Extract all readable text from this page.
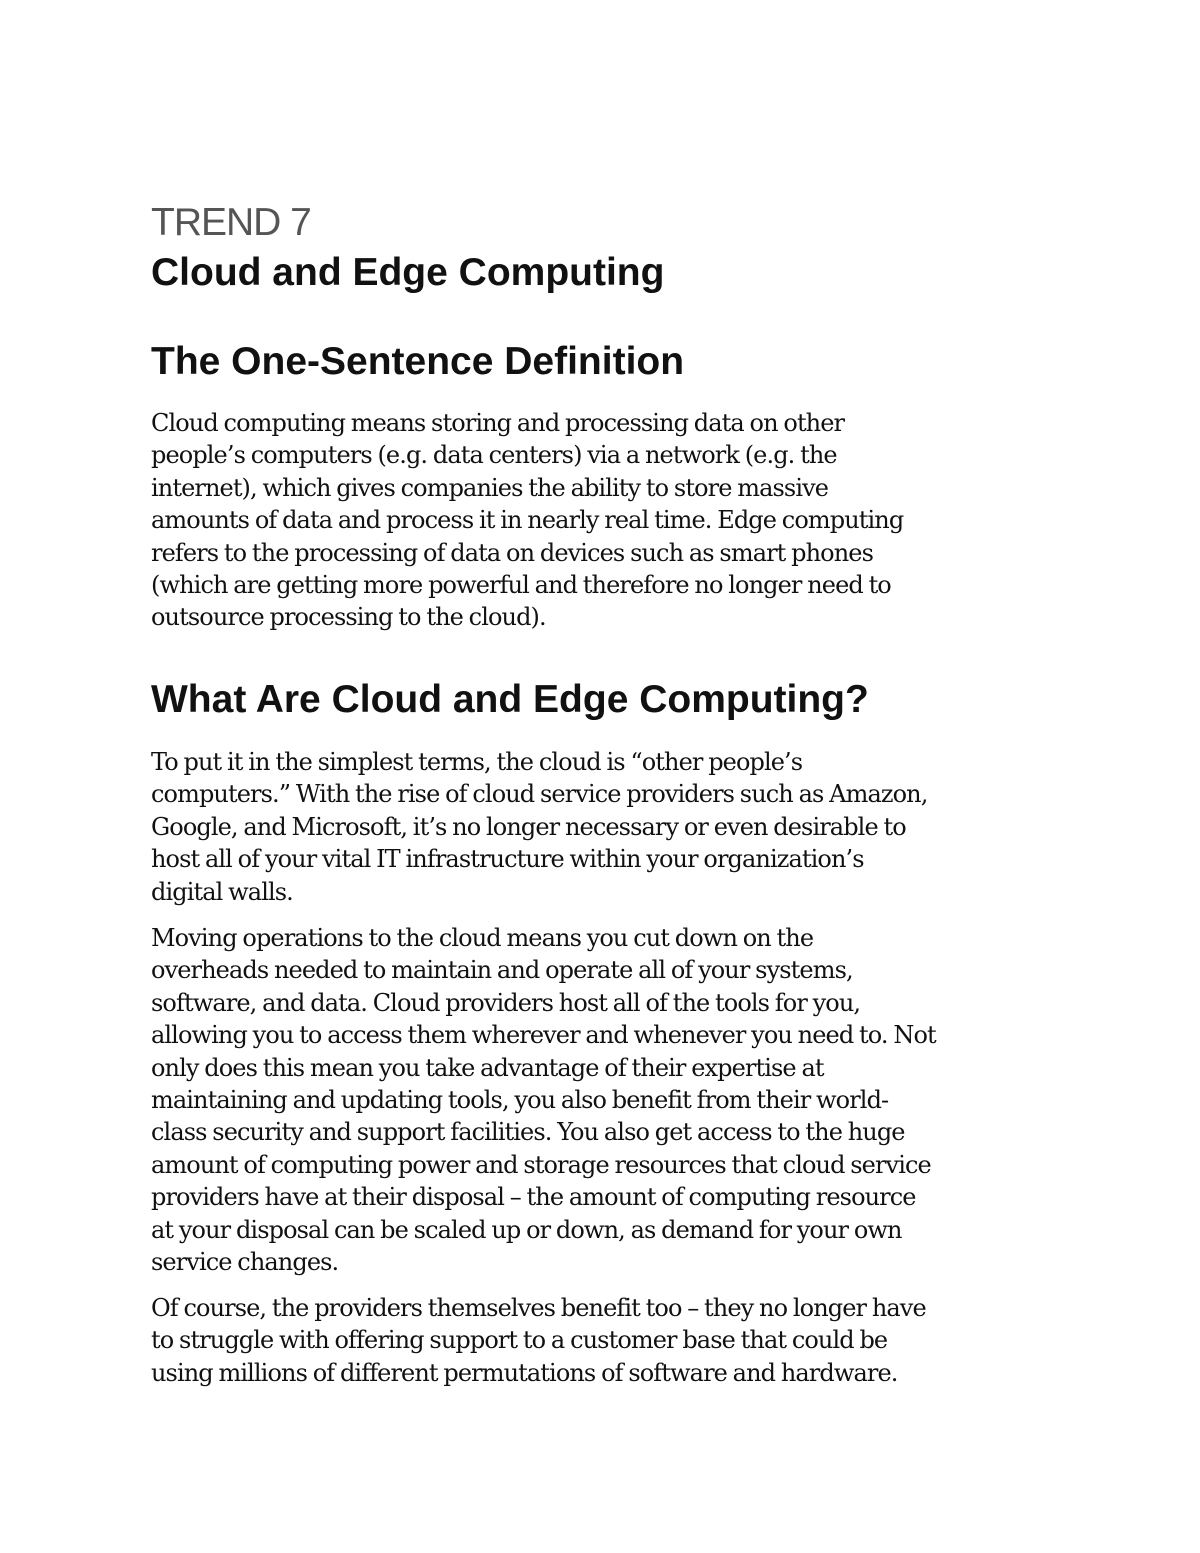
TREND 7
Cloud and Edge Computing
The One-Sentence Definition

Cloud computing means storing and processing data on other
people’s computers (e.g. data centers) via a network (e.g. the
internet), which gives companies the ability to store massive
amounts of data and process it in nearly real time. Edge computing
refers to the processing of data on devices such as smart phones
(which are getting more powerful and therefore no longer need to
outsource processing to the cloud).

What Are Cloud and Edge Computing?

To put it in the simplest terms, the cloud is “other people’s
computers.” With the rise of cloud service providers such as Amazon,
Google, and Microsoft, it’s no longer necessary or even desirable to
host all of your vital IT infrastructure within your organization’s
digital walls.

Moving operations to the cloud means you cut down on the
overheads needed to maintain and operate all of your systems,
software, and data. Cloud providers host all of the tools for you,
allowing you to access them wherever and whenever you need to. Not
only does this mean you take advantage of their expertise at
maintaining and updating tools, you also benefit from their world-
class security and support facilities. You also get access to the huge
amount of computing power and storage resources that cloud service
providers have at their disposal – the amount of computing resource
at your disposal can be scaled up or down, as demand for your own
service changes.

Of course, the providers themselves benefit too – they no longer have
to struggle with offering support to a customer base that could be
using millions of different permutations of software and hardware.
